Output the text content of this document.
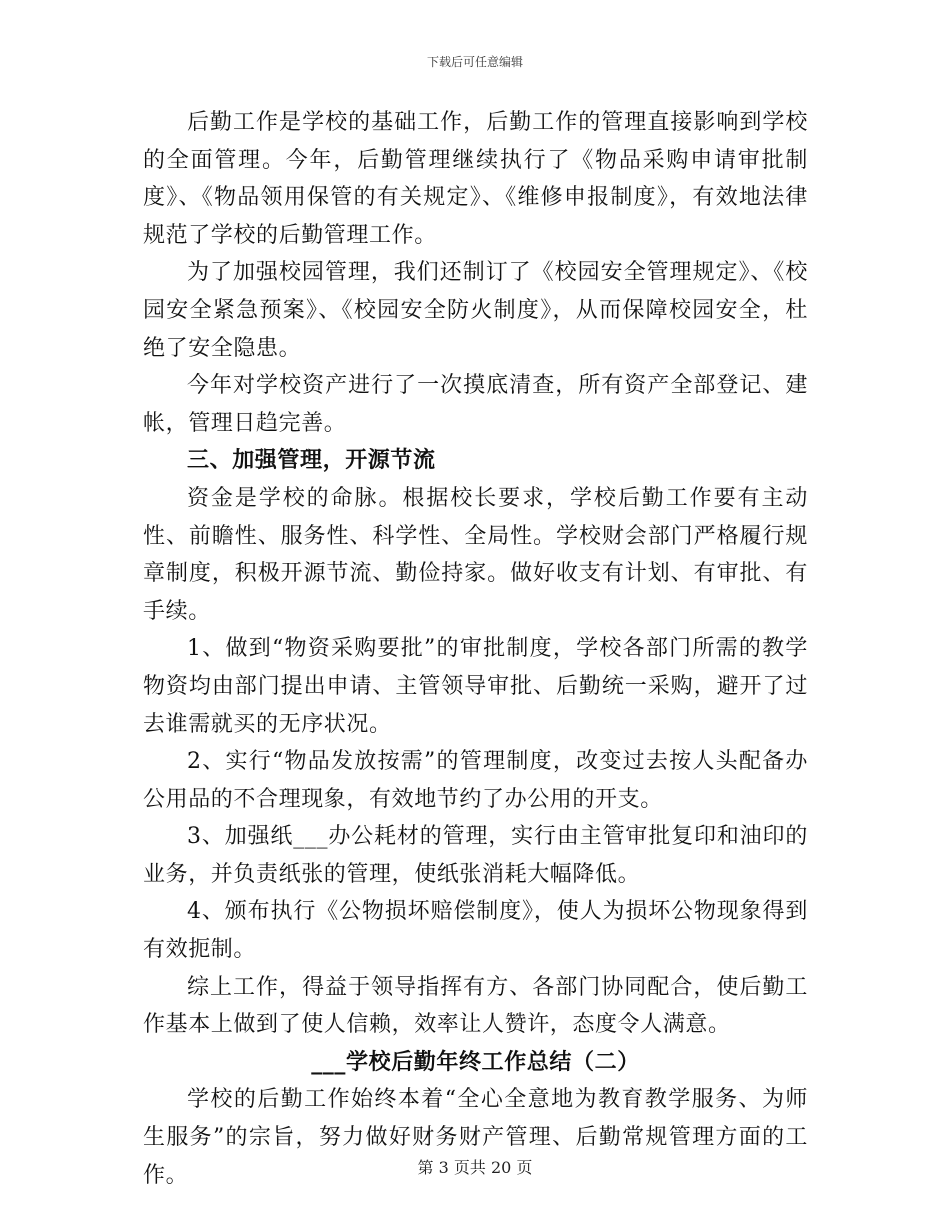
下载后可任意编辑

后勤工作是学校的基础工作，后勤工作的管理直接影响到学校的全面管理。今年，后勤管理继续执行了《物品采购申请审批制度》、《物品领用保管的有关规定》、《维修申报制度》，有效地法律规范了学校的后勤管理工作。

为了加强校园管理，我们还制订了《校园安全管理规定》、《校园安全紧急预案》、《校园安全防火制度》，从而保障校园安全，杜绝了安全隐患。

今年对学校资产进行了一次摸底清查，所有资产全部登记、建帐，管理日趋完善。

三、加强管理，开源节流

资金是学校的命脉。根据校长要求，学校后勤工作要有主动性、前瞻性、服务性、科学性、全局性。学校财会部门严格履行规章制度，积极开源节流、勤俭持家。做好收支有计划、有审批、有手续。

1、做到“物资采购要批”的审批制度，学校各部门所需的教学物资均由部门提出申请、主管领导审批、后勤统一采购，避开了过去谁需就买的无序状况。

2、实行“物品发放按需”的管理制度，改变过去按人头配备办公用品的不合理现象，有效地节约了办公用的开支。

3、加强纸___办公耗材的管理，实行由主管审批复印和油印的业务，并负责纸张的管理，使纸张消耗大幅降低。

4、颁布执行《公物损坏赔偿制度》，使人为损坏公物现象得到有效扼制。

综上工作，得益于领导指挥有方、各部门协同配合，使后勤工作基本上做到了使人信赖，效率让人赞许，态度令人满意。

___学校后勤年终工作总结（二）

学校的后勤工作始终本着“全心全意地为教育教学服务、为师生服务”的宗旨，努力做好财务财产管理、后勤常规管理方面的工作。	第 3 页共 20 页
